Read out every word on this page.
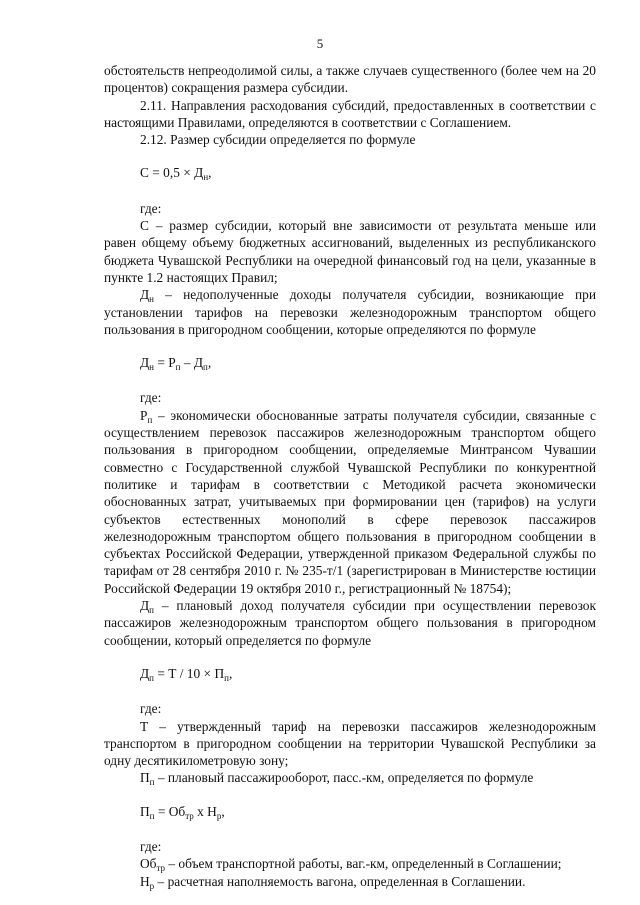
5

обстоятельств непреодолимой силы, а также случаев существенного (более чем на 20 процентов) сокращения размера субсидии.

2.11. Направления расходования субсидий, предоставленных в соответствии с настоящими Правилами, определяются в соответствии с Соглашением.

2.12. Размер субсидии определяется по формуле

$С = 0,5 \times Д_н$,

где:

С – размер субсидии, который вне зависимости от результата меньше или равен общему объему бюджетных ассигнований, выделенных из республиканского бюджета Чувашской Республики на очередной финансовый год на цели, указанные в пункте 1.2 настоящих Правил;

$Д_н$ – недополученные доходы получателя субсидии, возникающие при установлении тарифов на перевозки железнодорожным транспортом общего пользования в пригородном сообщении, которые определяются по формуле

$Д_н = Р_п - Д_п$,

где:

$Р_п$ – экономически обоснованные затраты получателя субсидии, связанные с осуществлением перевозок пассажиров железнодорожным транспортом общего пользования в пригородном сообщении, определяемые Минтрансом Чувашии совместно с Государственной службой Чувашской Республики по конкурентной политике и тарифам в соответствии с Методикой расчета экономически обоснованных затрат, учитываемых при формировании цен (тарифов) на услуги субъектов естественных монополий в сфере перевозок пассажиров железнодорожным транспортом общего пользования в пригородном сообщении в субъектах Российской Федерации, утвержденной приказом Федеральной службы по тарифам от 28 сентября 2010 г. № 235-т/1 (зарегистрирован в Министерстве юстиции Российской Федерации 19 октября 2010 г., регистрационный № 18754);

$Д_п$ – плановый доход получателя субсидии при осуществлении перевозок пассажиров железнодорожным транспортом общего пользования в пригородном сообщении, который определяется по формуле

$Д_п = Т / 10 \times П_п$,

где:

Т – утвержденный тариф на перевозки пассажиров железнодорожным транспортом в пригородном сообщении на территории Чувашской Республики за одну десятикилометровую зону;

$П_п$ – плановый пассажирооборот, пасс.-км, определяется по формуле

$П_п = Об_{тр}$ х $Н_р$,

где:

$Об_{тр}$ – объем транспортной работы, ваг.-км, определенный в Соглашении;

$Н_р$ – расчетная наполняемость вагона, определенная в Соглашении.
